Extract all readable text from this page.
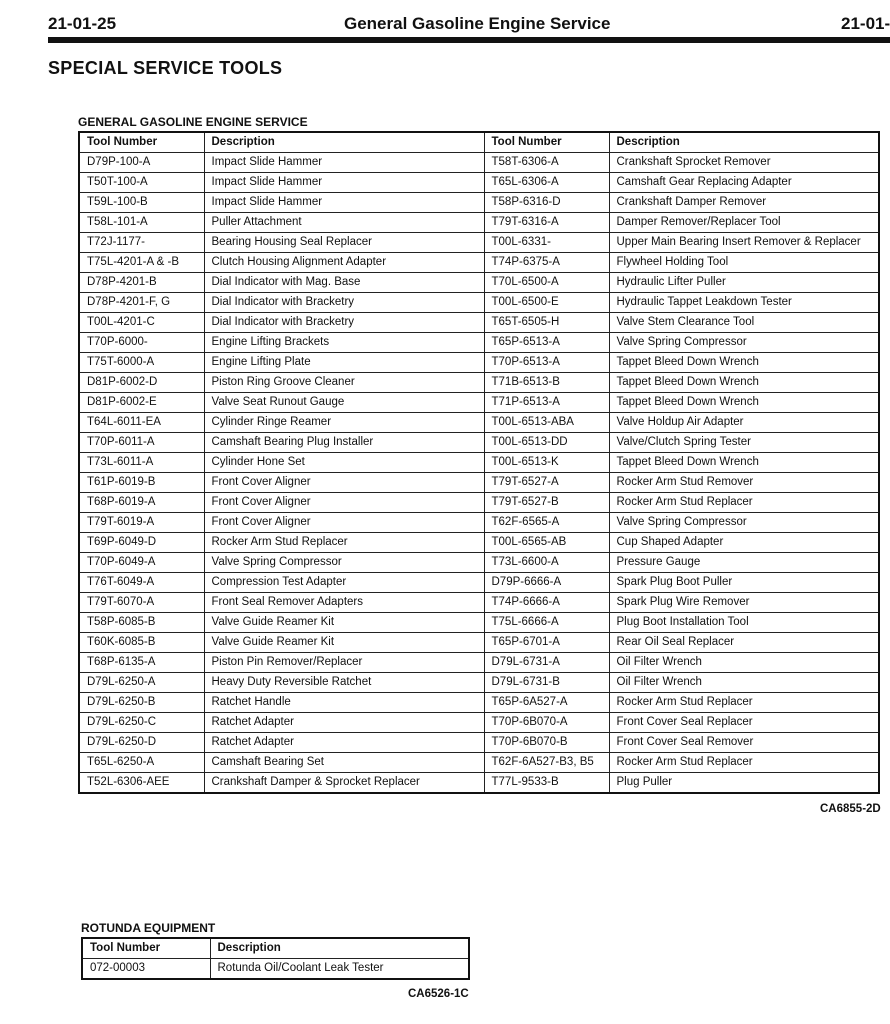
21-01-25	General Gasoline Engine Service	21-01-
SPECIAL SERVICE TOOLS
GENERAL GASOLINE ENGINE SERVICE
Tool Number	Description	Tool Number	Description
D79P-100-A	Impact Slide Hammer	T58T-6306-A	Crankshaft Sprocket Remover
T50T-100-A	Impact Slide Hammer	T65L-6306-A	Camshaft Gear Replacing Adapter
T59L-100-B	Impact Slide Hammer	T58P-6316-D	Crankshaft Damper Remover
T58L-101-A	Puller Attachment	T79T-6316-A	Damper Remover/Replacer Tool
T72J-1177-	Bearing Housing Seal Replacer	T00L-6331-	Upper Main Bearing Insert Remover & Replacer
T75L-4201-A & -B	Clutch Housing Alignment Adapter	T74P-6375-A	Flywheel Holding Tool
D78P-4201-B	Dial Indicator with Mag. Base	T70L-6500-A	Hydraulic Lifter Puller
D78P-4201-F, G	Dial Indicator with Bracketry	T00L-6500-E	Hydraulic Tappet Leakdown Tester
T00L-4201-C	Dial Indicator with Bracketry	T65T-6505-H	Valve Stem Clearance Tool
T70P-6000-	Engine Lifting Brackets	T65P-6513-A	Valve Spring Compressor
T75T-6000-A	Engine Lifting Plate	T70P-6513-A	Tappet Bleed Down Wrench
D81P-6002-D	Piston Ring Groove Cleaner	T71B-6513-B	Tappet Bleed Down Wrench
D81P-6002-E	Valve Seat Runout Gauge	T71P-6513-A	Tappet Bleed Down Wrench
T64L-6011-EA	Cylinder Ringe Reamer	T00L-6513-ABA	Valve Holdup Air Adapter
T70P-6011-A	Camshaft Bearing Plug Installer	T00L-6513-DD	Valve/Clutch Spring Tester
T73L-6011-A	Cylinder Hone Set	T00L-6513-K	Tappet Bleed Down Wrench
T61P-6019-B	Front Cover Aligner	T79T-6527-A	Rocker Arm Stud Remover
T68P-6019-A	Front Cover Aligner	T79T-6527-B	Rocker Arm Stud Replacer
T79T-6019-A	Front Cover Aligner	T62F-6565-A	Valve Spring Compressor
T69P-6049-D	Rocker Arm Stud Replacer	T00L-6565-AB	Cup Shaped Adapter
T70P-6049-A	Valve Spring Compressor	T73L-6600-A	Pressure Gauge
T76T-6049-A	Compression Test Adapter	D79P-6666-A	Spark Plug Boot Puller
T79T-6070-A	Front Seal Remover Adapters	T74P-6666-A	Spark Plug Wire Remover
T58P-6085-B	Valve Guide Reamer Kit	T75L-6666-A	Plug Boot Installation Tool
T60K-6085-B	Valve Guide Reamer Kit	T65P-6701-A	Rear Oil Seal Replacer
T68P-6135-A	Piston Pin Remover/Replacer	D79L-6731-A	Oil Filter Wrench
D79L-6250-A	Heavy Duty Reversible Ratchet	D79L-6731-B	Oil Filter Wrench
D79L-6250-B	Ratchet Handle	T65P-6A527-A	Rocker Arm Stud Replacer
D79L-6250-C	Ratchet Adapter	T70P-6B070-A	Front Cover Seal Replacer
D79L-6250-D	Ratchet Adapter	T70P-6B070-B	Front Cover Seal Remover
T65L-6250-A	Camshaft Bearing Set	T62F-6A527-B3, B5	Rocker Arm Stud Replacer
T52L-6306-AEE	Crankshaft Damper & Sprocket Replacer	T77L-9533-B	Plug Puller
CA6855-2D
ROTUNDA EQUIPMENT
Tool Number	Description
072-00003	Rotunda Oil/Coolant Leak Tester
CA6526-1C
